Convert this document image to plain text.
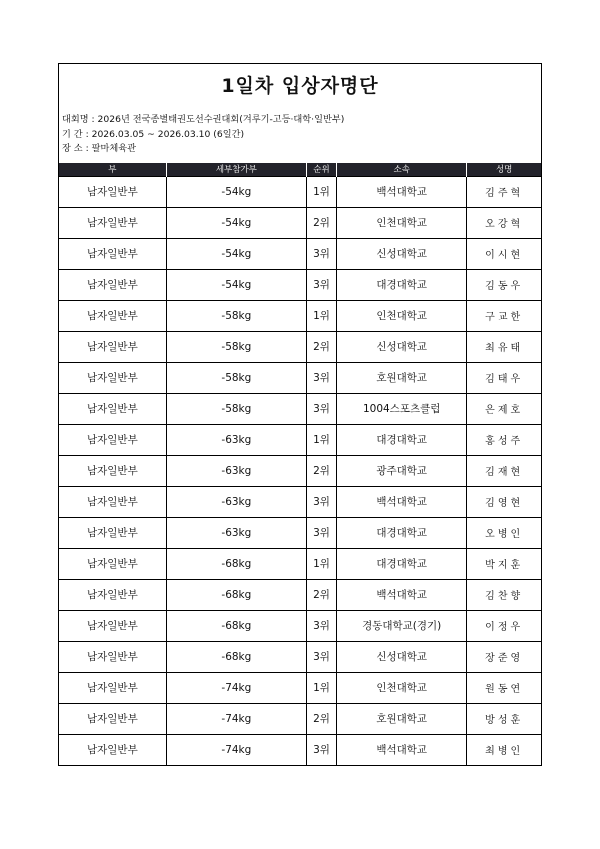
1일차 입상자명단
대회명 : 2026년 전국종별태권도선수권대회(겨루기-고등·대학·일반부)
기 간 : 2026.03.05 ~ 2026.03.10 (6일간)
장 소 : 팔마체육관
부	세부참가부	순위	소속	성명
남자일반부	-54kg	1위	백석대학교	김주혁
남자일반부	-54kg	2위	인천대학교	오강혁
남자일반부	-54kg	3위	신성대학교	이시현
남자일반부	-54kg	3위	대경대학교	김동우
남자일반부	-58kg	1위	인천대학교	구교한
남자일반부	-58kg	2위	신성대학교	최유태
남자일반부	-58kg	3위	호원대학교	김태우
남자일반부	-58kg	3위	1004스포츠클럽	은제호
남자일반부	-63kg	1위	대경대학교	홍성주
남자일반부	-63kg	2위	광주대학교	김재현
남자일반부	-63kg	3위	백석대학교	김영현
남자일반부	-63kg	3위	대경대학교	오병인
남자일반부	-68kg	1위	대경대학교	박지훈
남자일반부	-68kg	2위	백석대학교	김찬향
남자일반부	-68kg	3위	경동대학교(경기)	이정우
남자일반부	-68kg	3위	신성대학교	장준영
남자일반부	-74kg	1위	인천대학교	원동연
남자일반부	-74kg	2위	호원대학교	방성훈
남자일반부	-74kg	3위	백석대학교	최병인
